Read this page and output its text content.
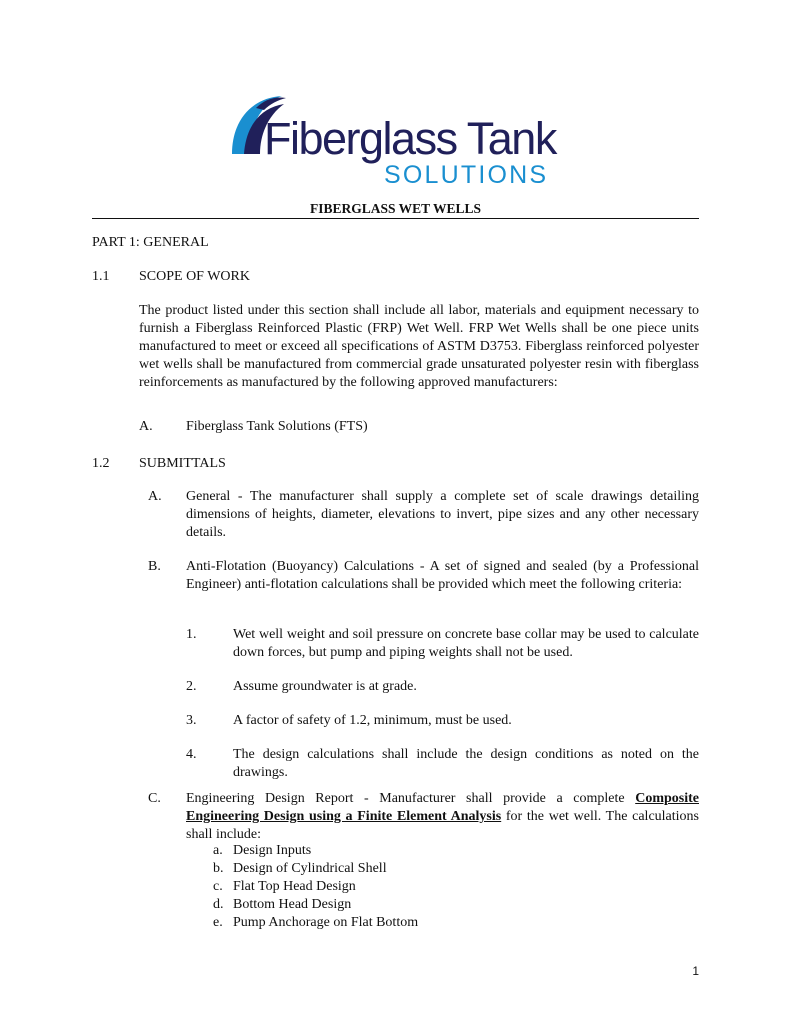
Fiberglass Tank
SOLUTIONS
FIBERGLASS WET WELLS
PART 1: GENERAL
1.1 SCOPE OF WORK
The product listed under this section shall include all labor, materials and equipment necessary to furnish a Fiberglass Reinforced Plastic (FRP) Wet Well. FRP Wet Wells shall be one piece units manufactured to meet or exceed all specifications of ASTM D3753. Fiberglass reinforced polyester wet wells shall be manufactured from commercial grade unsaturated polyester resin with fiberglass reinforcements as manufactured by the following approved manufacturers:
A. Fiberglass Tank Solutions (FTS)
1.2 SUBMITTALS
A. General - The manufacturer shall supply a complete set of scale drawings detailing dimensions of heights, diameter, elevations to invert, pipe sizes and any other necessary details.
B. Anti-Flotation (Buoyancy) Calculations - A set of signed and sealed (by a Professional Engineer) anti-flotation calculations shall be provided which meet the following criteria:
1.	Wet well weight and soil pressure on concrete base collar may be used to calculate down forces, but pump and piping weights shall not be used.
2.	Assume groundwater is at grade.
3.	A factor of safety of 1.2, minimum, must be used.
4.	The design calculations shall include the design conditions as noted on the drawings.
C. Engineering Design Report - Manufacturer shall provide a complete Composite Engineering Design using a Finite Element Analysis for the wet well. The calculations shall include:
a. Design Inputs
b. Design of Cylindrical Shell
c. Flat Top Head Design
d. Bottom Head Design
e. Pump Anchorage on Flat Bottom
1
